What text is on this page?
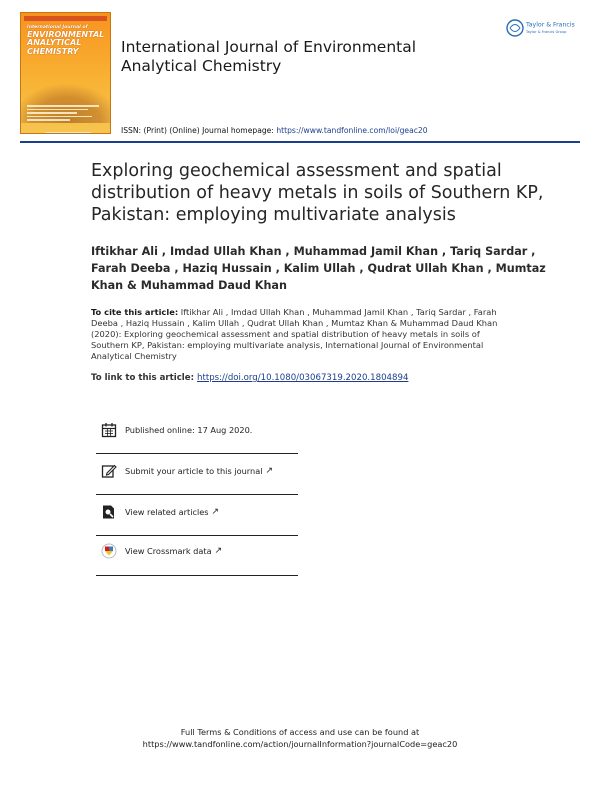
International Journal of
ENVIRONMENTAL
ANALYTICAL
CHEMISTRY	International Journal of Environmental Analytical Chemistry
Taylor & Francis
Taylor & Francis Group
ISSN: (Print) (Online) Journal homepage: https://www.tandfonline.com/loi/geac20
Exploring geochemical assessment and spatial distribution of heavy metals in soils of Southern KP, Pakistan: employing multivariate analysis
Iftikhar Ali , Imdad Ullah Khan , Muhammad Jamil Khan , Tariq Sardar , Farah Deeba , Haziq Hussain , Kalim Ullah , Qudrat Ullah Khan , Mumtaz Khan & Muhammad Daud Khan
To cite this article: Iftikhar Ali , Imdad Ullah Khan , Muhammad Jamil Khan , Tariq Sardar , Farah Deeba , Haziq Hussain , Kalim Ullah , Qudrat Ullah Khan , Mumtaz Khan & Muhammad Daud Khan (2020): Exploring geochemical assessment and spatial distribution of heavy metals in soils of Southern KP, Pakistan: employing multivariate analysis, International Journal of Environmental Analytical Chemistry
To link to this article: https://doi.org/10.1080/03067319.2020.1804894
Published online: 17 Aug 2020.
Submit your article to this journal ↗
View related articles ↗
View Crossmark data ↗
Full Terms & Conditions of access and use can be found at
https://www.tandfonline.com/action/journalInformation?journalCode=geac20
